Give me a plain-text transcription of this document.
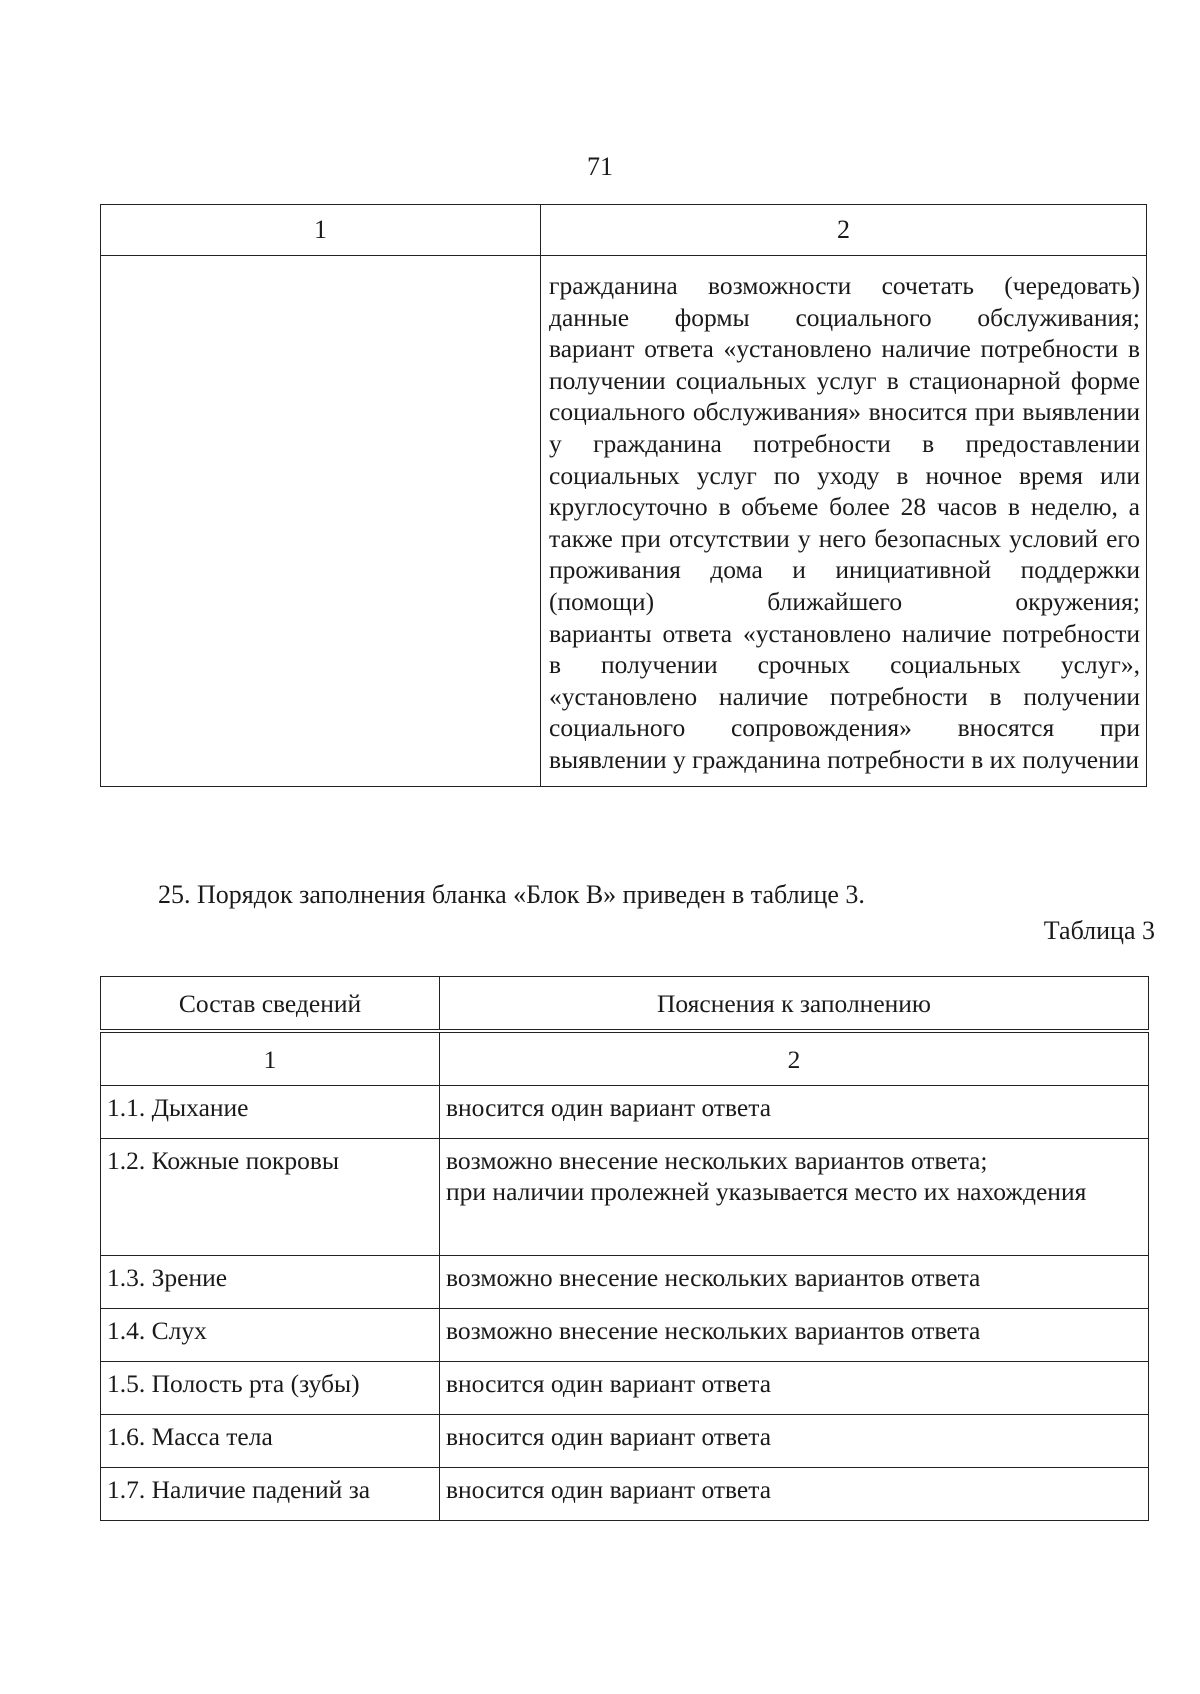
71
1	2

	гражданина возможности сочетать (чередовать) данные формы социального обслуживания;

вариант ответа «установлено наличие потребности в получении социальных услуг в стационарной форме социального обслуживания» вносится при выявлении у гражданина потребности в предоставлении социальных услуг по уходу в ночное время или круглосуточно в объеме более 28 часов в неделю, а также при отсутствии у него безопасных условий его проживания дома и инициативной поддержки (помощи) ближайшего окружения;

варианты ответа «установлено наличие потребности в получении срочных социальных услуг», «установлено наличие потребности в получении социального сопровождения» вносятся при выявлении у гражданина потребности в их получении

25. Порядок заполнения бланка «Блок В» приведен в таблице 3.
Таблица 3
Состав сведений	Пояснения к заполнению
1	2
1.1. Дыхание	вносится один вариант ответа
1.2. Кожные покровы	возможно внесение нескольких вариантов ответа;

при наличии пролежней указывается место их нахождения

1.3. Зрение	возможно внесение нескольких вариантов ответа
1.4. Слух	возможно внесение нескольких вариантов ответа
1.5. Полость рта (зубы)	вносится один вариант ответа
1.6. Масса тела	вносится один вариант ответа
1.7. Наличие падений за	вносится один вариант ответа
